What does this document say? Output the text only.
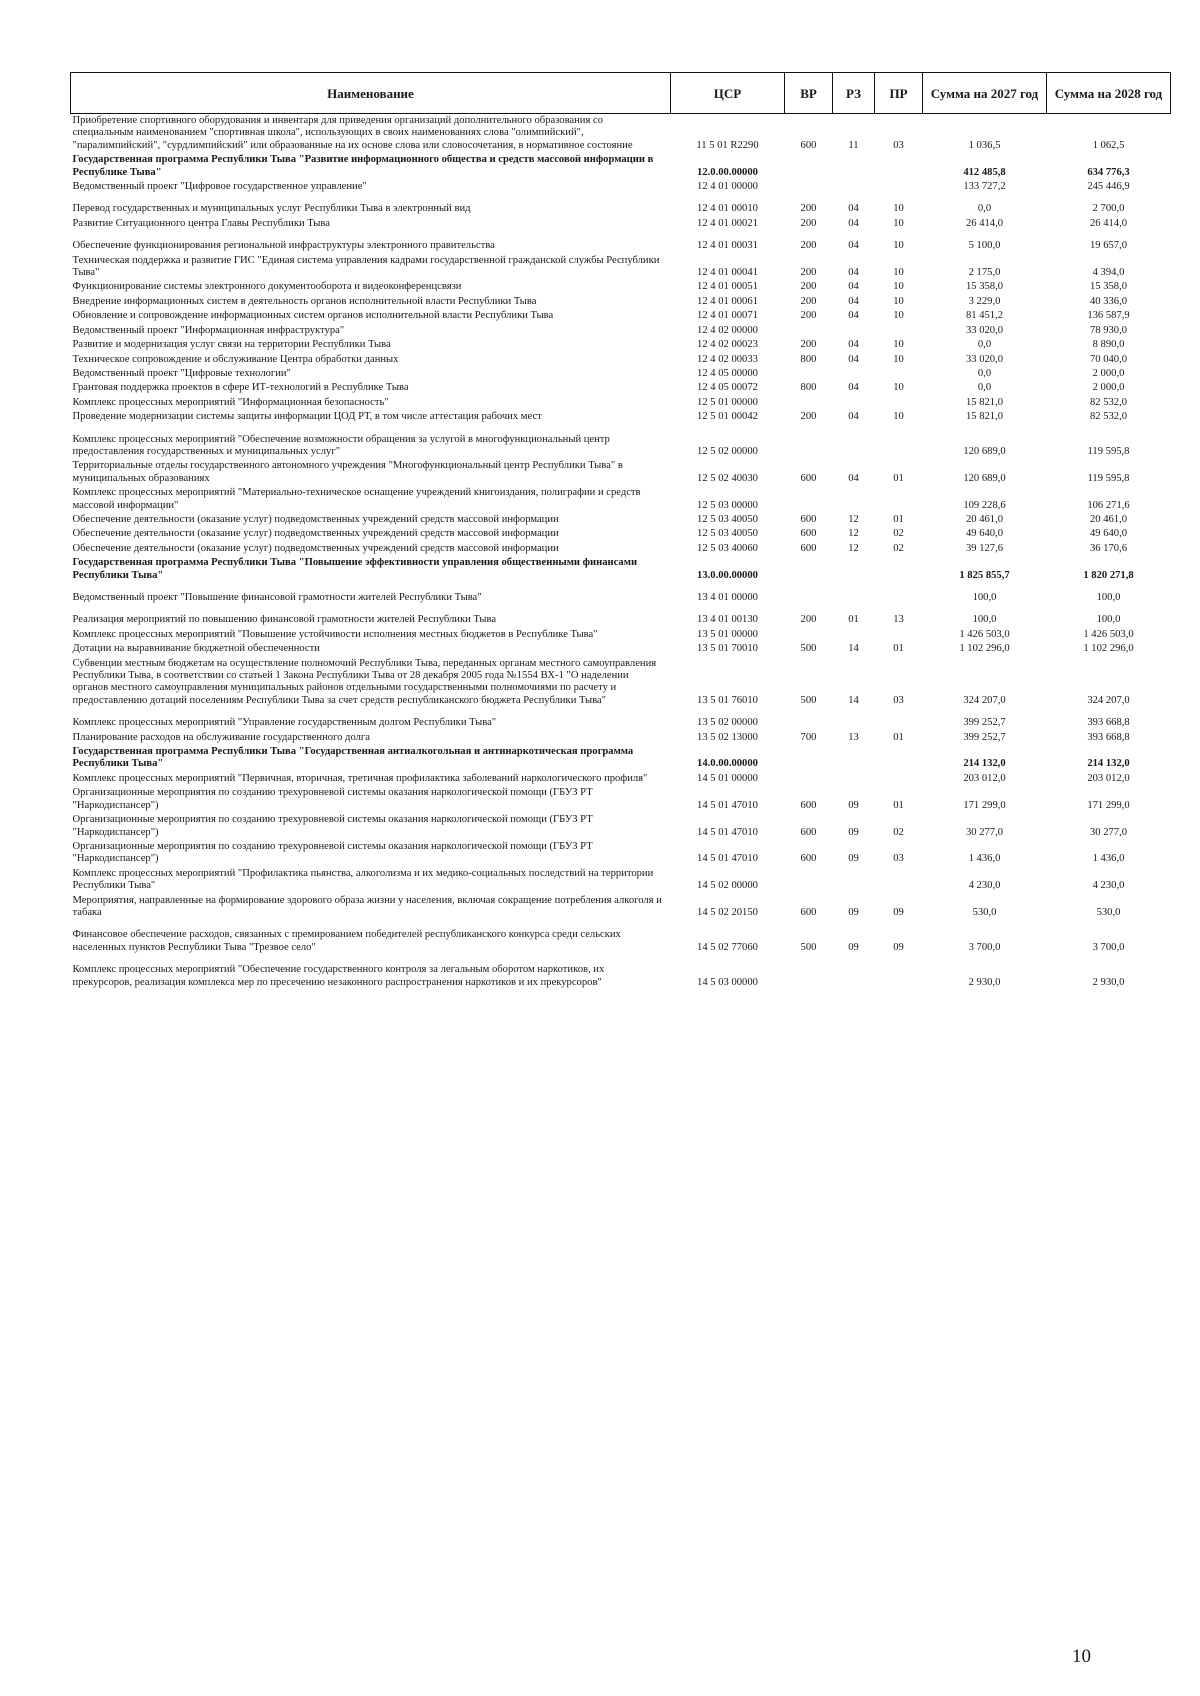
Наименование	ЦСР	ВР	РЗ	ПР	Сумма на 2027 год	Сумма на 2028 год
Приобретение спортивного оборудования и инвентаря для приведения организаций дополнительного образования со специальным наименованием "спортивная школа", использующих в своих наименованиях слова "олимпийский", "паралимпийский", "сурдлимпийский" или образованные на их основе слова или словосочетания, в нормативное состояние	11 5 01 R2290	600	11	03	1 036,5	1 062,5
Государственная программа Республики Тыва "Развитие информационного общества и средств массовой информации в Республике Тыва"	12.0.00.00000				412 485,8	634 776,3
Ведомственный проект "Цифровое государственное управление"	12 4 01 00000				133 727,2	245 446,9
Перевод государственных и муниципальных услуг Республики Тыва в электронный вид	12 4 01 00010	200	04	10	0,0	2 700,0
Развитие Ситуационного центра Главы Республики Тыва	12 4 01 00021	200	04	10	26 414,0	26 414,0
Обеспечение функционирования региональной инфраструктуры электронного правительства	12 4 01 00031	200	04	10	5 100,0	19 657,0
Техническая поддержка и развитие ГИС "Единая система управления кадрами государственной гражданской службы Республики Тыва"	12 4 01 00041	200	04	10	2 175,0	4 394,0
Функционирование системы электронного документооборота и видеоконференцсвязи	12 4 01 00051	200	04	10	15 358,0	15 358,0
Внедрение информационных систем в деятельность органов исполнительной власти Республики Тыва	12 4 01 00061	200	04	10	3 229,0	40 336,0
Обновление и сопровождение информационных систем органов исполнительной власти Республики Тыва	12 4 01 00071	200	04	10	81 451,2	136 587,9
Ведомственный проект "Информационная инфраструктура"	12 4 02 00000				33 020,0	78 930,0
Развитие и модернизация услуг связи на территории Республики Тыва	12 4 02 00023	200	04	10	0,0	8 890,0
Техническое сопровождение и обслуживание Центра обработки данных	12 4 02 00033	800	04	10	33 020,0	70 040,0
Ведомственный проект "Цифровые технологии"	12 4 05 00000				0,0	2 000,0
Грантовая поддержка проектов в сфере ИТ-технологий в Республике Тыва	12 4 05 00072	800	04	10	0,0	2 000,0
Комплекс процессных мероприятий "Информационная безопасность"	12 5 01 00000				15 821,0	82 532,0
Проведение модернизации системы защиты информации ЦОД РТ, в том числе аттестация рабочих мест	12 5 01 00042	200	04	10	15 821,0	82 532,0
Комплекс процессных мероприятий "Обеспечение возможности обращения за услугой в многофункциональный центр предоставления государственных и муниципальных услуг"	12 5 02 00000				120 689,0	119 595,8
Территориальные отделы государственного автономного учреждения "Многофункциональный центр Республики Тыва" в муниципальных образованиях	12 5 02 40030	600	04	01	120 689,0	119 595,8
Комплекс процессных мероприятий "Материально-техническое оснащение учреждений книгоиздания, полиграфии и средств массовой информации"	12 5 03 00000				109 228,6	106 271,6
Обеспечение деятельности (оказание услуг) подведомственных учреждений средств массовой информации	12 5 03 40050	600	12	01	20 461,0	20 461,0
Обеспечение деятельности (оказание услуг) подведомственных учреждений средств массовой информации	12 5 03 40050	600	12	02	49 640,0	49 640,0
Обеспечение деятельности (оказание услуг) подведомственных учреждений средств массовой информации	12 5 03 40060	600	12	02	39 127,6	36 170,6
Государственная программа Республики Тыва "Повышение эффективности управления общественными финансами Республики Тыва"	13.0.00.00000				1 825 855,7	1 820 271,8
Ведомственный проект "Повышение финансовой грамотности жителей Республики Тыва"	13 4 01 00000				100,0	100,0
Реализация мероприятий по повышению финансовой грамотности жителей Республики Тыва	13 4 01 00130	200	01	13	100,0	100,0
Комплекс процессных мероприятий "Повышение устойчивости исполнения местных бюджетов в Республике Тыва"	13 5 01 00000				1 426 503,0	1 426 503,0
Дотации на выравнивание бюджетной обеспеченности	13 5 01 70010	500	14	01	1 102 296,0	1 102 296,0
Субвенции местным бюджетам на осуществление полномочий Республики Тыва, переданных органам местного самоуправления Республики Тыва, в соответствии со статьей 1 Закона Республики Тыва от 28 декабря 2005 года №1554 ВХ-1 "О наделении органов местного самоуправления муниципальных районов отдельными государственными полномочиями по расчету и предоставлению дотаций поселениям Республики Тыва за счет средств республиканского бюджета Республики Тыва"	13 5 01 76010	500	14	03	324 207,0	324 207,0
Комплекс процессных мероприятий "Управление государственным долгом Республики Тыва"	13 5 02 00000				399 252,7	393 668,8
Планирование расходов на обслуживание государственного долга	13 5 02 13000	700	13	01	399 252,7	393 668,8
Государственная программа Республики Тыва "Государственная антиалкогольная и антинаркотическая программа Республики Тыва"	14.0.00.00000				214 132,0	214 132,0
Комплекс процессных мероприятий "Первичная, вторичная, третичная профилактика заболеваний наркологического профиля"	14 5 01 00000				203 012,0	203 012,0
Организационные мероприятия по созданию трехуровневой системы оказания наркологической помощи (ГБУЗ РТ "Наркодиспансер")	14 5 01 47010	600	09	01	171 299,0	171 299,0
Организационные мероприятия по созданию трехуровневой системы оказания наркологической помощи (ГБУЗ РТ "Наркодиспансер")	14 5 01 47010	600	09	02	30 277,0	30 277,0
Организационные мероприятия по созданию трехуровневой системы оказания наркологической помощи (ГБУЗ РТ "Наркодиспансер")	14 5 01 47010	600	09	03	1 436,0	1 436,0
Комплекс процессных мероприятий "Профилактика пьянства, алкоголизма и их медико-социальных последствий на территории Республики Тыва"	14 5 02 00000				4 230,0	4 230,0
Мероприятия, направленные на формирование здорового образа жизни у населения, включая сокращение потребления алкоголя и табака	14 5 02 20150	600	09	09	530,0	530,0
Финансовое обеспечение расходов, связанных с премированием победителей республиканского конкурса среди сельских населенных пунктов Республики Тыва "Трезвое село"	14 5 02 77060	500	09	09	3 700,0	3 700,0
Комплекс процессных мероприятий "Обеспечение государственного контроля за легальным оборотом наркотиков, их прекурсоров, реализация комплекса мер по пресечению незаконного распространения наркотиков и их прекурсоров"	14 5 03 00000				2 930,0	2 930,0
10
